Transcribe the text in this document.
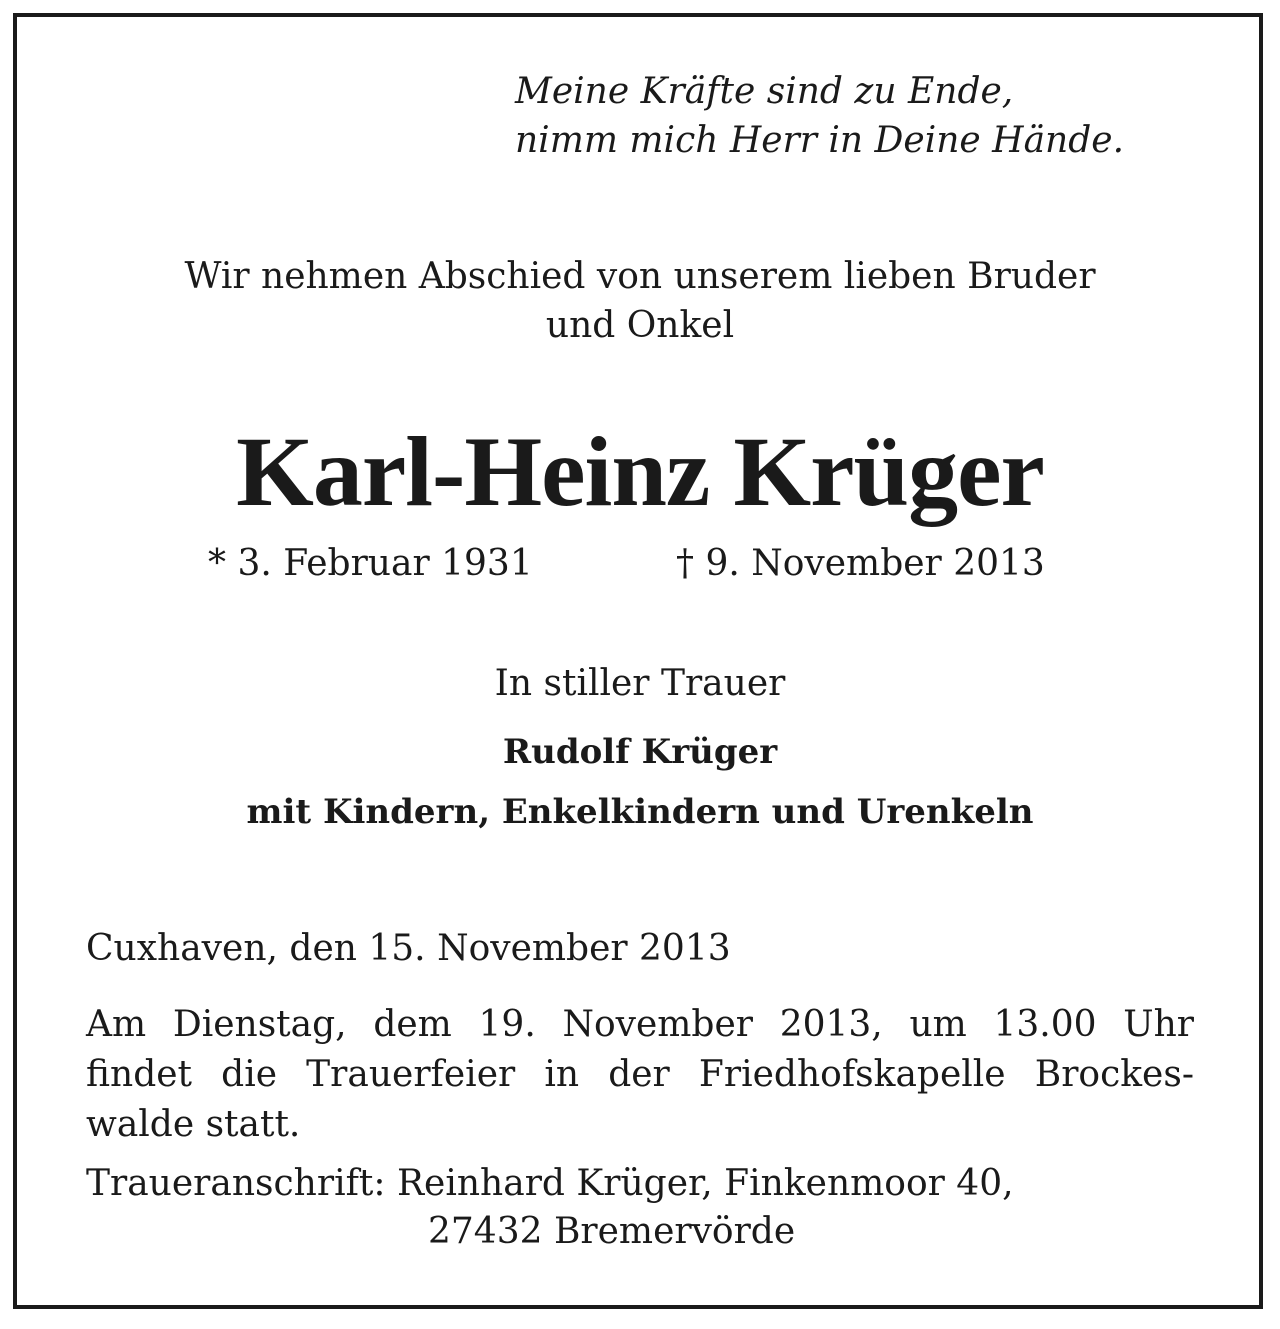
Meine Kräfte sind zu Ende,
nimm mich Herr in Deine Hände.
Wir nehmen Abschied von unserem lieben Bruder
und Onkel
Karl-Heinz Krüger
* 3. Februar 1931	† 9. November 2013
In stiller Trauer
Rudolf Krüger
mit Kindern, Enkelkindern und Urenkeln
Cuxhaven, den 15. November 2013
Am Dienstag, dem 19. November 2013, um 13.00 Uhr
findet die Trauerfeier in der Friedhofskapelle Brockes-
walde statt.
Traueranschrift: Reinhard Krüger, Finkenmoor 40,
27432 Bremervörde
